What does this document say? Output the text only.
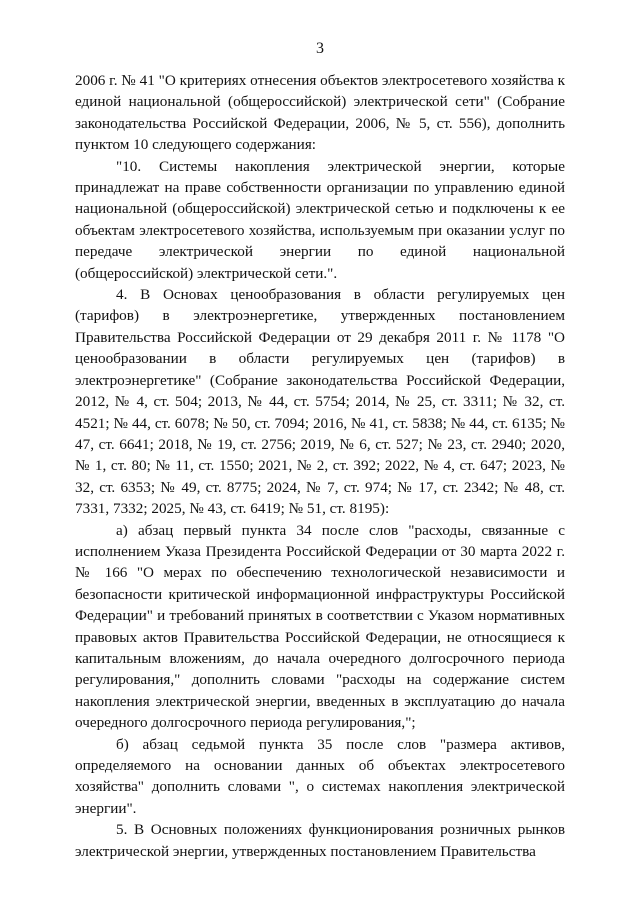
3

2006 г. № 41 "О критериях отнесения объектов электросетевого хозяйства к единой национальной (общероссийской) электрической сети" (Собрание законодательства Российской Федерации, 2006, № 5, ст. 556), дополнить пунктом 10 следующего содержания:

"10. Системы накопления электрической энергии, которые принадлежат на праве собственности организации по управлению единой национальной (общероссийской) электрической сетью и подключены к ее объектам электросетевого хозяйства, используемым при оказании услуг по передаче электрической энергии по единой национальной (общероссийской) электрической сети.".

4. В Основах ценообразования в области регулируемых цен (тарифов) в электроэнергетике, утвержденных постановлением Правительства Российской Федерации от 29 декабря 2011 г. № 1178 "О ценообразовании в области регулируемых цен (тарифов) в электроэнергетике" (Собрание законодательства Российской Федерации, 2012, № 4, ст. 504; 2013, № 44, ст. 5754; 2014, № 25, ст. 3311; № 32, ст. 4521; № 44, ст. 6078; № 50, ст. 7094; 2016, № 41, ст. 5838; № 44, ст. 6135; № 47, ст. 6641; 2018, № 19, ст. 2756; 2019, № 6, ст. 527; № 23, ст. 2940; 2020, № 1, ст. 80; № 11, ст. 1550; 2021, № 2, ст. 392; 2022, № 4, ст. 647; 2023, № 32, ст. 6353; № 49, ст. 8775; 2024, № 7, ст. 974; № 17, ст. 2342; № 48, ст. 7331, 7332; 2025, № 43, ст. 6419; № 51, ст. 8195):

а) абзац первый пункта 34 после слов "расходы, связанные с исполнением Указа Президента Российской Федерации от 30 марта 2022 г. № 166 "О мерах по обеспечению технологической независимости и безопасности критической информационной инфраструктуры Российской Федерации" и требований принятых в соответствии с Указом нормативных правовых актов Правительства Российской Федерации, не относящиеся к капитальным вложениям, до начала очередного долгосрочного периода регулирования," дополнить словами "расходы на содержание систем накопления электрической энергии, введенных в эксплуатацию до начала очередного долгосрочного периода регулирования,";

б) абзац седьмой пункта 35 после слов "размера активов, определяемого на основании данных об объектах электросетевого хозяйства" дополнить словами ", о системах накопления электрической энергии".

5. В Основных положениях функционирования розничных рынков электрической энергии, утвержденных постановлением Правительства
